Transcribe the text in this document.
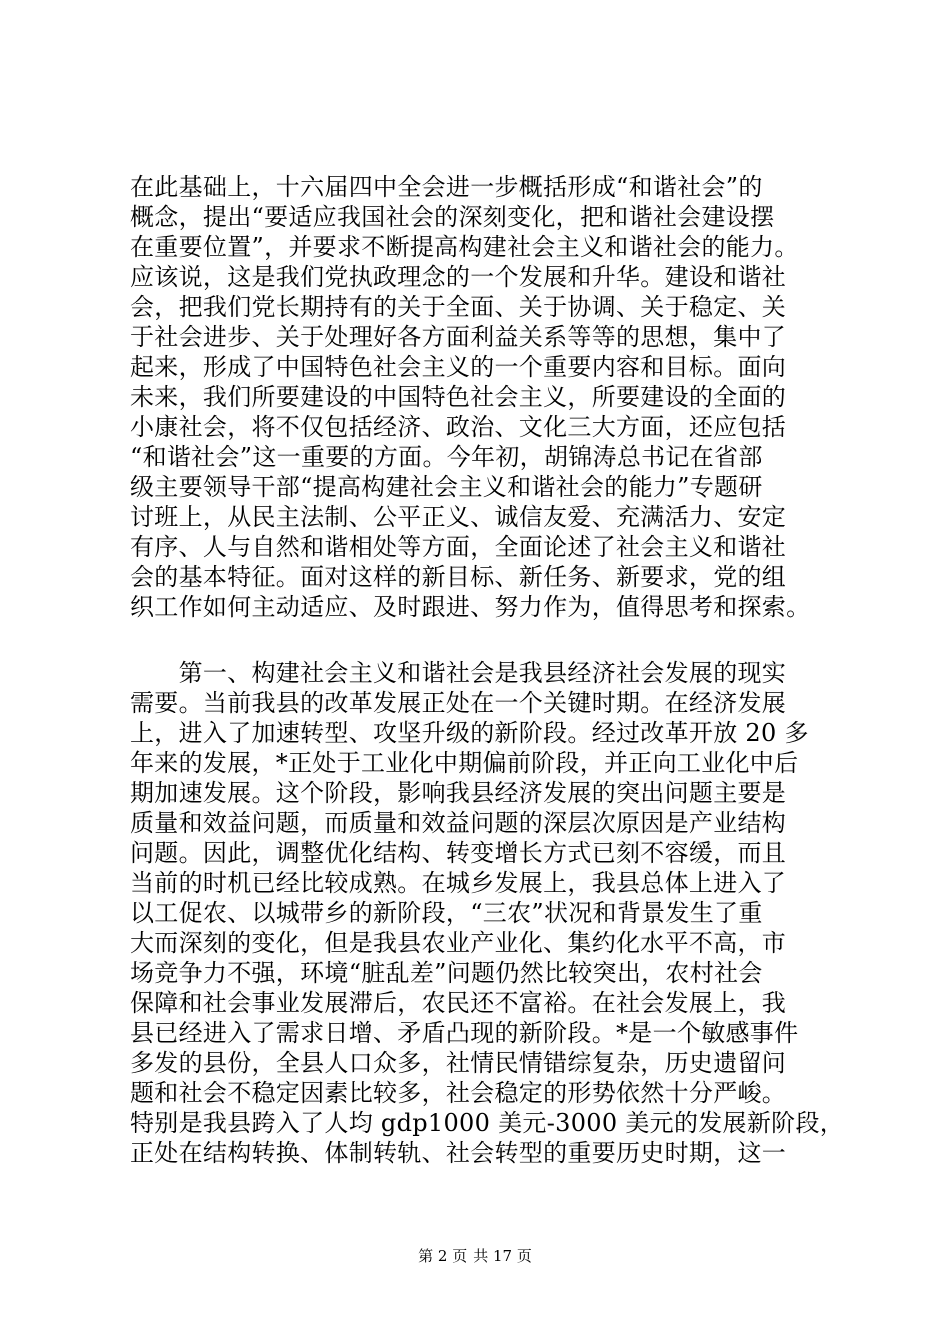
在此基础上，十六届四中全会进一步概括形成“和谐社会”的
概念，提出“要适应我国社会的深刻变化，把和谐社会建设摆
在重要位置”，并要求不断提高构建社会主义和谐社会的能力。
应该说，这是我们党执政理念的一个发展和升华。建设和谐社
会，把我们党长期持有的关于全面、关于协调、关于稳定、关
于社会进步、关于处理好各方面利益关系等等的思想，集中了
起来，形成了中国特色社会主义的一个重要内容和目标。面向
未来，我们所要建设的中国特色社会主义，所要建设的全面的
小康社会，将不仅包括经济、政治、文化三大方面，还应包括
“和谐社会”这一重要的方面。今年初，胡锦涛总书记在省部
级主要领导干部“提高构建社会主义和谐社会的能力”专题研
讨班上，从民主法制、公平正义、诚信友爱、充满活力、安定
有序、人与自然和谐相处等方面，全面论述了社会主义和谐社
会的基本特征。面对这样的新目标、新任务、新要求，党的组
织工作如何主动适应、及时跟进、努力作为，值得思考和探索。
　　第一、构建社会主义和谐社会是我县经济社会发展的现实
需要。当前我县的改革发展正处在一个关键时期。在经济发展
上，进入了加速转型、攻坚升级的新阶段。经过改革开放 20 多
年来的发展，*正处于工业化中期偏前阶段，并正向工业化中后
期加速发展。这个阶段，影响我县经济发展的突出问题主要是
质量和效益问题，而质量和效益问题的深层次原因是产业结构
问题。因此，调整优化结构、转变增长方式已刻不容缓，而且
当前的时机已经比较成熟。在城乡发展上，我县总体上进入了
以工促农、以城带乡的新阶段，“三农”状况和背景发生了重
大而深刻的变化，但是我县农业产业化、集约化水平不高，市
场竞争力不强，环境“脏乱差”问题仍然比较突出，农村社会
保障和社会事业发展滞后，农民还不富裕。在社会发展上，我
县已经进入了需求日增、矛盾凸现的新阶段。*是一个敏感事件
多发的县份，全县人口众多，社情民情错综复杂，历史遗留问
题和社会不稳定因素比较多，社会稳定的形势依然十分严峻。
特别是我县跨入了人均 gdp1000 美元-3000 美元的发展新阶段，
正处在结构转换、体制转轨、社会转型的重要历史时期，这一
第 2 页 共 17 页
